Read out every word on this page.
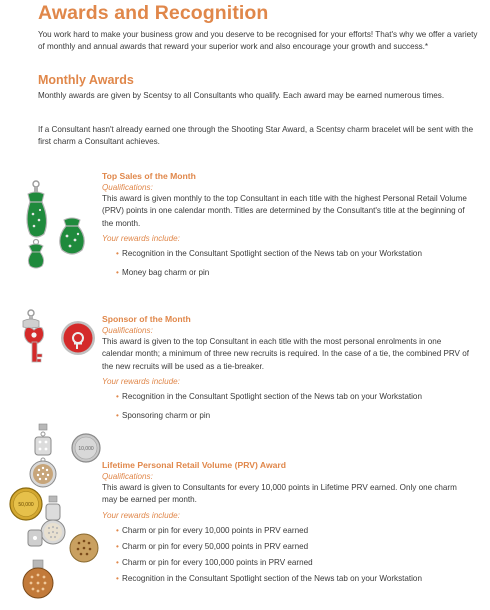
Awards and Recognition
You work hard to make your business grow and you deserve to be recognised for your efforts! That's why we offer a variety of monthly and annual awards that reward your superior work and also encourage your growth and success.*
Monthly Awards
Monthly awards are given by Scentsy to all Consultants who qualify. Each award may be earned numerous times.
If a Consultant hasn't already earned one through the Shooting Star Award, a Scentsy charm bracelet will be sent with the first charm a Consultant achieves.
Top Sales of the Month
Qualifications:
This award is given monthly to the top Consultant in each title with the highest Personal Retail Volume (PRV) points in one calendar month. Titles are determined by the Consultant's title at the beginning of the month.
Your rewards include:
• Recognition in the Consultant Spotlight section of the News tab on your Workstation
• Money bag charm or pin
Sponsor of the Month
Qualifications:
This award is given to the top Consultant in each title with the most personal enrolments in one calendar month; a minimum of three new recruits is required. In the case of a tie, the combined PRV of the new recruits will be used as a tie-breaker.
Your rewards include:
• Recognition in the Consultant Spotlight section of the News tab on your Workstation
• Sponsoring charm or pin
10,000
50,000
Lifetime Personal Retail Volume (PRV) Award
Qualifications:
This award is given to Consultants for every 10,000 points in Lifetime PRV earned. Only one charm may be earned per month.
Your rewards include:
• Charm or pin for every 10,000 points in PRV earned
• Charm or pin for every 50,000 points in PRV earned
• Charm or pin for every 100,000 points in PRV earned
• Recognition in the Consultant Spotlight section of the News tab on your Workstation
